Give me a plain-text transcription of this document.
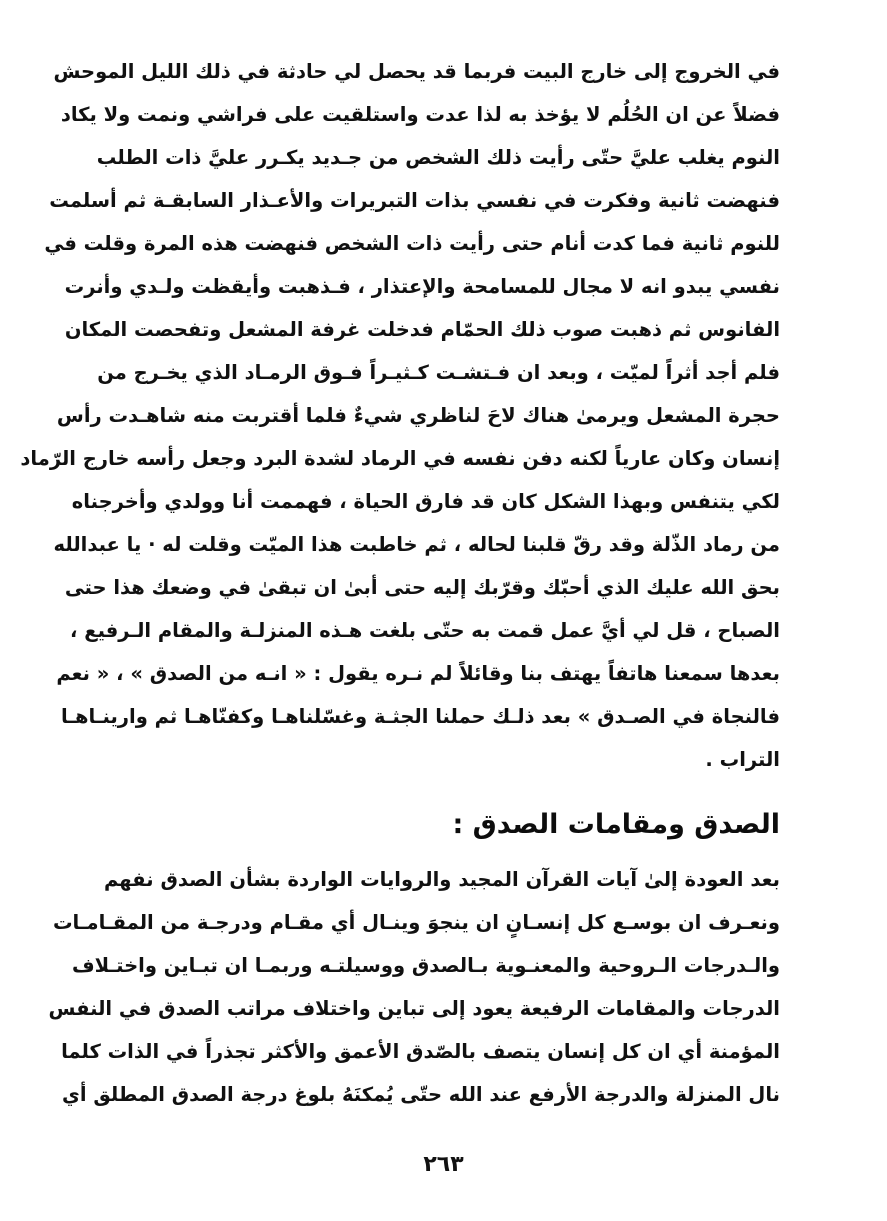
في الخروج إلى خارج البيت فربما قد يحصل لي حادثة في ذلك الليل الموحش
فضلاً عن ان الحُلُم لا يؤخذ به لذا عدت واستلقيت على فراشي ونمت ولا يكاد
النوم يغلب عليَّ حتّى رأيت ذلك الشخص من جـديد يكـرر عليَّ ذات الطلب
فنهضت ثانية وفكرت في نفسي بذات التبريرات والأعـذار السابقـة ثم أسلمت
للنوم ثانية فما كدت أنام حتى رأيت ذات الشخص فنهضت هذه المرة وقلت في
نفسي يبدو انه لا مجال للمسامحة والإعتذار ، فـذهبت وأيقظت ولـدي وأنرت
الفانوس ثم ذهبت صوب ذلك الحمّام فدخلت غرفة المشعل وتفحصت المكان
فلم أجد أثراً لميّت ، وبعد ان فـتشـت كـثيـراً فـوق الرمـاد الذي يخـرج من
حجرة المشعل ويرمىٰ هناك لاحَ لناظري شيءٌ فلما أقتربت منه شاهـدت رأس
إنسان وكان عارياً لكنه دفن نفسه في الرماد لشدة البرد وجعل رأسه خارج الرّماد
لكي يتنفس وبهذا الشكل كان قد فارق الحياة ، فهممت أنا وولدي وأخرجناه
من رماد الذّلة وقد رقّ قلبنا لحاله ، ثم خاطبت هذا الميّت وقلت له · يا عبدالله
بحق الله عليك الذي أحبّك وقرّبك إليه حتى أبىٰ ان تبقىٰ في وضعك هذا حتى
الصباح ، قل لي أيَّ عمل قمت به حتّى بلغت هـذه المنزلـة والمقام الـرفيع ،
بعدها سمعنا هاتفاً يهتف بنا وقائلاً لم نـره يقول : « انـه من الصدق » ، « نعم
فالنجاة في الصـدق » بعد ذلـك حملنا الجثـة وغسّلناهـا وكفنّاهـا ثم وارينـاهـا
التراب .
الصدق ومقامات الصدق :
بعد العودة إلىٰ آيات القرآن المجيد والروايات الواردة بشأن الصدق نفهم
ونعـرف ان بوسـع كل إنسـانٍ ان ينجوَ وينـال أي مقـام ودرجـة من المقـامـات
والـدرجات الـروحية والمعنـوية بـالصدق ووسيلتـه وربمـا ان تبـاين واختـلاف
الدرجات والمقامات الرفيعة يعود إلى تباين واختلاف مراتب الصدق في النفس
المؤمنة أي ان كل إنسان يتصف بالصّدق الأعمق والأكثر تجذراً في الذات كلما
نال المنزلة والدرجة الأرفع عند الله حتّى يُمكنَهُ بلوغ درجة الصدق المطلق أي
٢٦٣
